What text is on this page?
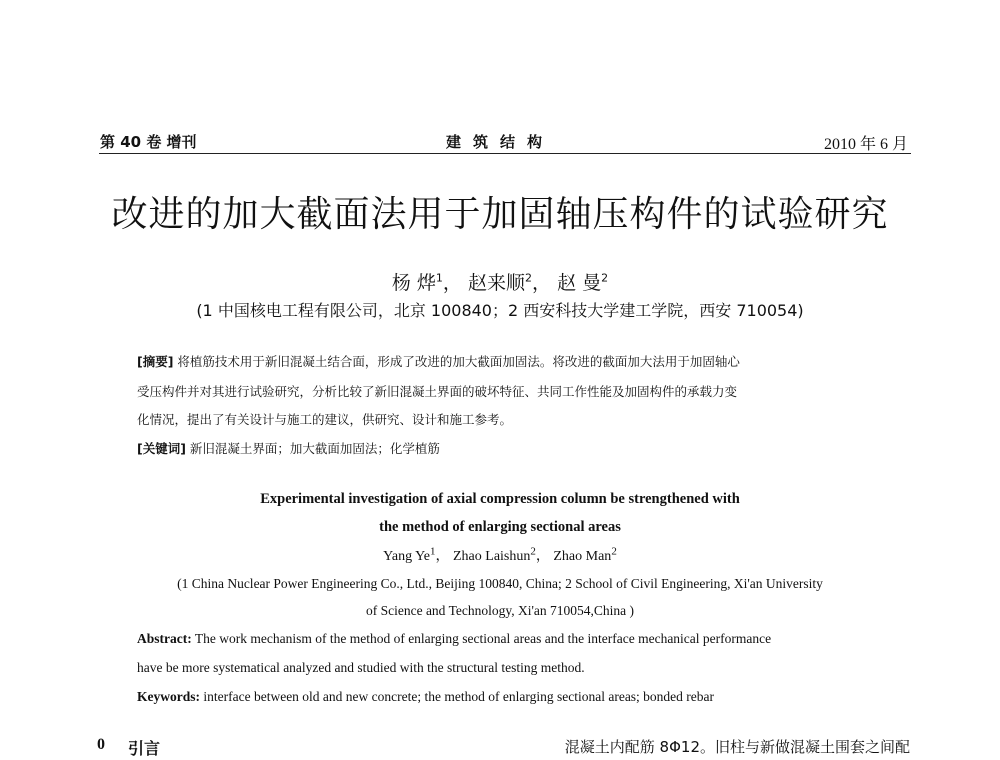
第 40 卷 增刊	建筑结构	2010 年 6 月
改进的加大截面法用于加固轴压构件的试验研究
杨 烨$^1$， 赵来顺$^2$， 赵 曼$^2$
(1 中国核电工程有限公司，北京 100840；2 西安科技大学建工学院，西安 710054)
[摘要] 将植筋技术用于新旧混凝土结合面，形成了改进的加大截面加固法。将改进的截面加大法用于加固轴心
受压构件并对其进行试验研究，分析比较了新旧混凝土界面的破坏特征、共同工作性能及加固构件的承载力变
化情况，提出了有关设计与施工的建议，供研究、设计和施工参考。
[关键词] 新旧混凝土界面；加大截面加固法；化学植筋
Experimental investigation of axial compression column be strengthened with
the method of enlarging sectional areas
Yang Ye$^1$， Zhao Laishun$^2$， Zhao Man$^2$
(1 China Nuclear Power Engineering Co., Ltd., Beijing 100840, China; 2 School of Civil Engineering, Xi'an University
of Science and Technology, Xi'an 710054,China )
Abstract: The work mechanism of the method of enlarging sectional areas and the interface mechanical performance
have be more systematical analyzed and studied with the structural testing method.
Keywords: interface between old and new concrete; the method of enlarging sectional areas; bonded rebar
0 引言	混凝土内配筋 8Φ12。旧柱与新做混凝土围套之间配
